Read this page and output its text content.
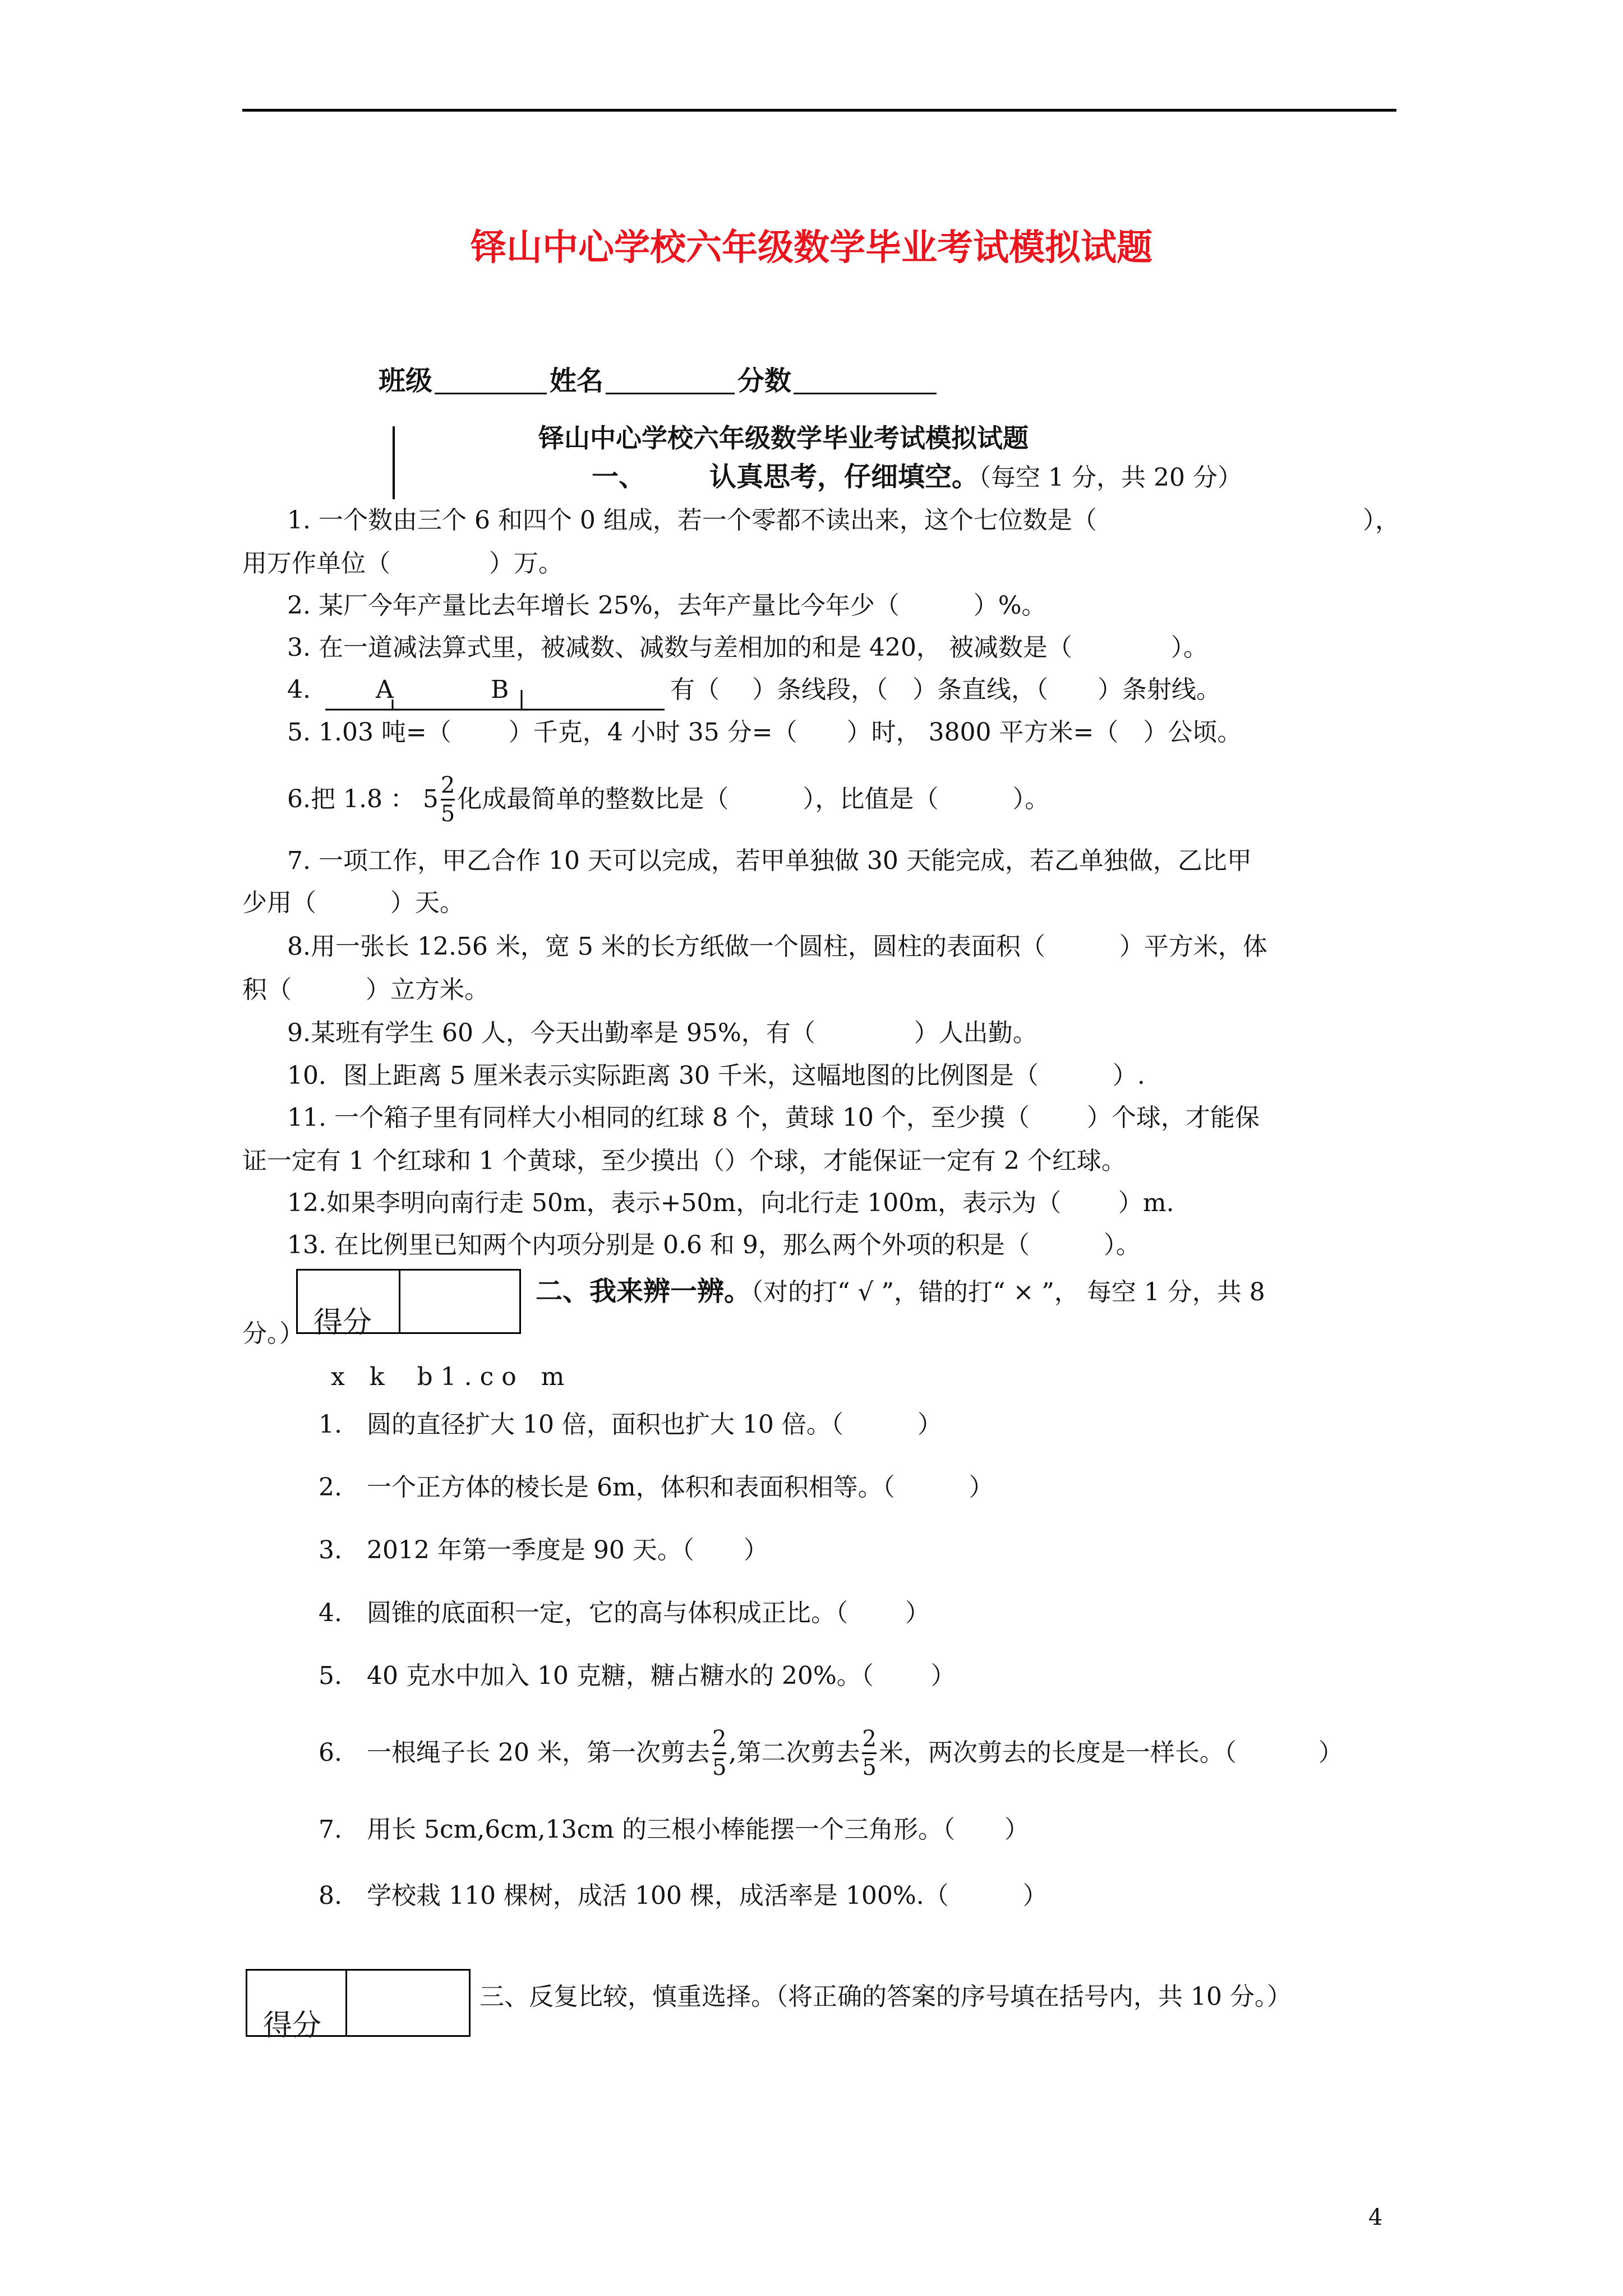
铎山中心学校六年级数学毕业考试模拟试题
班级	姓名	分数
铎山中心学校六年级数学毕业考试模拟试题
一、 认真思考，仔细填空。（每空 1 分，共 20 分）
1. 一个数由三个 6 和四个 0 组成，若一个零都不读出来，这个七位数是（	），
用万作单位（　　　　）万。
2. 某厂今年产量比去年增长 25%，去年产量比今年少（　　　）%。
3. 在一道减法算式里，被减数、减数与差相加的和是 420， 被减数是（　　　　）。
4.	A	B	有（　 ）条线段，（　）条直线，（　　）条射线。
5. 1.03 吨=（　　 ）千克，4 小时 35 分=（　　）时， 3800 平方米=（　）公顷。
6.把 1.8 ： $5 \frac{2}{5}$ 化成最简单的整数比是（　　　），比值是（　　　）。
7. 一项工作，甲乙合作 10 天可以完成，若甲单独做 30 天能完成，若乙单独做，乙比甲
少用（　　　）天。
8.用一张长 12.56 米，宽 5 米的长方纸做一个圆柱，圆柱的表面积（　　　）平方米，体
积（　　　）立方米。
9.某班有学生 60 人，今天出勤率是 95%，有（　　　　）人出勤。
10．图上距离 5 厘米表示实际距离 30 千米，这幅地图的比例图是（　　　）.
11. 一个箱子里有同样大小相同的红球 8 个，黄球 10 个，至少摸（　　 ）个球，才能保
证一定有 1 个红球和 1 个黄球，至少摸出（）个球，才能保证一定有 2 个红球。
12.如果李明向南行走 50m，表示+50m，向北行走 100m，表示为（　　 ）m.
13. 在比例里已知两个内项分别是 0.6 和 9，那么两个外项的积是（　　　）。
得分
二、我来辨一辨。（对的打“ √ ”，错的打“ × ”， 每空 1 分，共 8
分。）
x　k　 b 1 . c o　m
1.　圆的直径扩大 10 倍，面积也扩大 10 倍。（　　　）
2.　一个正方体的棱长是 6m，体积和表面积相等。（　　　）
3.　2012 年第一季度是 90 天。（　　）
4.　圆锥的底面积一定，它的高与体积成正比。（　　 ）
5.　40 克水中加入 10 克糖，糖占糖水的 20%。（　　 ）
6.　一根绳子长 20 米，第一次剪去 $\frac{2}{5}$ ,第二次剪去 $\frac{2}{5}$ 米，两次剪去的长度是一样长。（　　　 ）
7.　用长 5cm,6cm,13cm 的三根小棒能摆一个三角形。（　　）
8.　学校栽 110 棵树，成活 100 棵，成活率是 100%.（　　　）
得分
三、反复比较，慎重选择。（将正确的答案的序号填在括号内，共 10 分。）
4
